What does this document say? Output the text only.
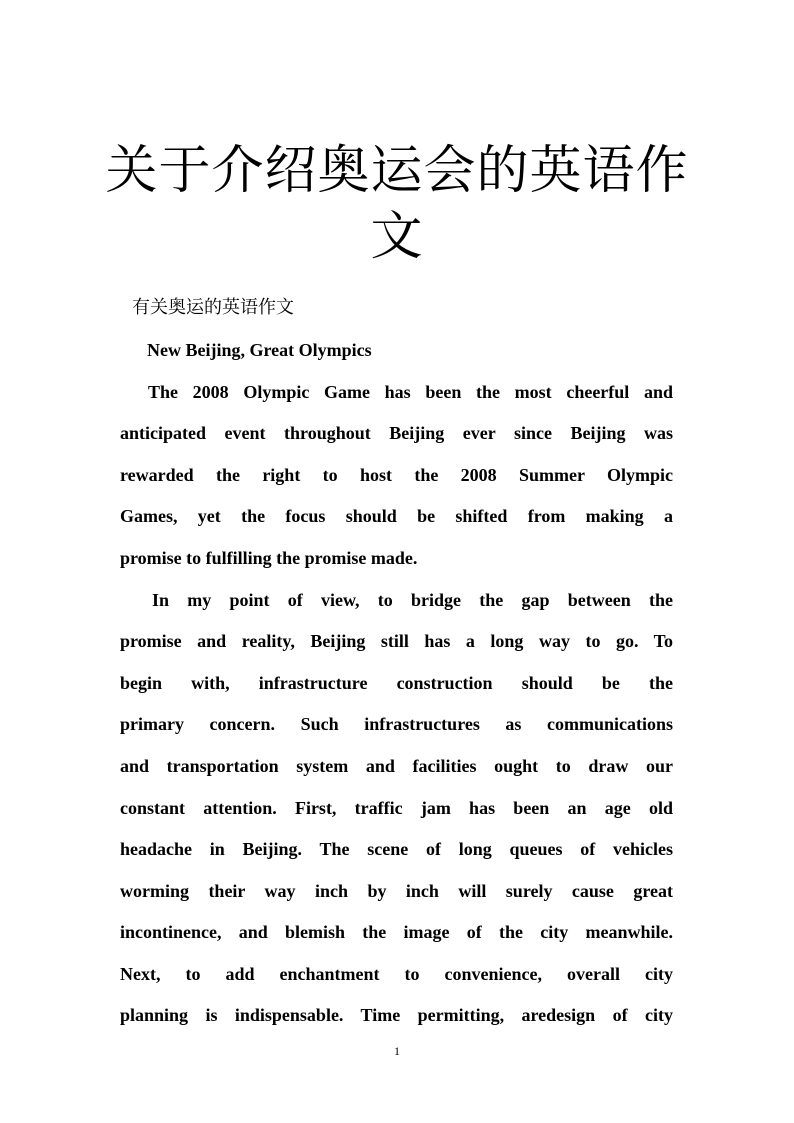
关于介绍奥运会的英语作
文

有关奥运的英语作文

New Beijing, Great Olympics

The 2008 Olympic Game has been the most cheerful and

anticipated event throughout Beijing ever since Beijing was

rewarded the right to host the 2008 Summer Olympic

Games, yet the focus should be shifted from making a

promise to fulfilling the promise made.

In my point of view, to bridge the gap between the

promise and reality, Beijing still has a long way to go. To

begin with, infrastructure construction should be the

primary concern. Such infrastructures as communications

and transportation system and facilities ought to draw our

constant attention. First, traffic jam has been an age old

headache in Beijing. The scene of long queues of vehicles

worming their way inch by inch will surely cause great

incontinence, and blemish the image of the city meanwhile.

Next, to add enchantment to convenience, overall city

planning is indispensable. Time permitting, aredesign of city

1
